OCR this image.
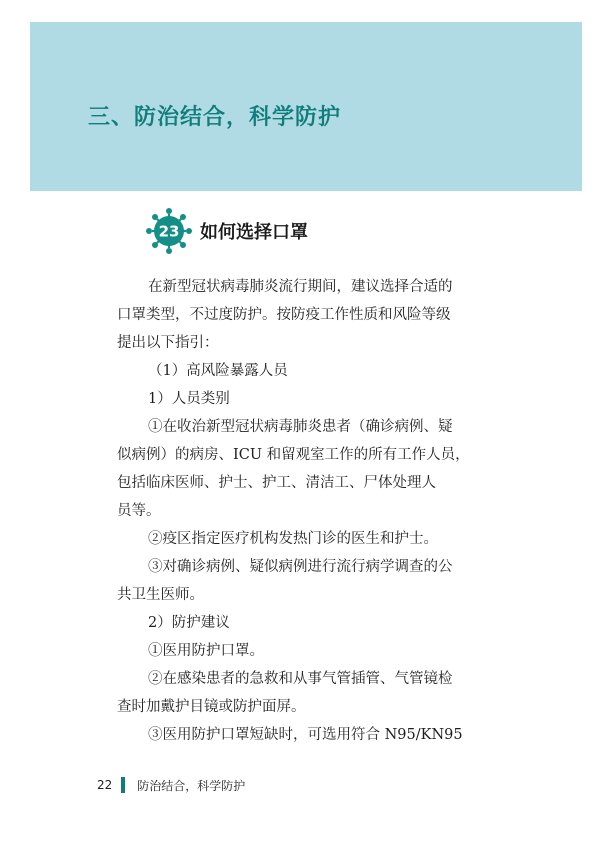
三、防治结合，科学防护
23 如何选择口罩

在新型冠状病毒肺炎流行期间，建议选择合适的

口罩类型，不过度防护。按防疫工作性质和风险等级

提出以下指引：

（1）高风险暴露人员

1）人员类别

①在收治新型冠状病毒肺炎患者（确诊病例、疑

似病例）的病房、ICU 和留观室工作的所有工作人员，

包括临床医师、护士、护工、清洁工、尸体处理人

员等。

②疫区指定医疗机构发热门诊的医生和护士。

③对确诊病例、疑似病例进行流行病学调查的公

共卫生医师。

2）防护建议

①医用防护口罩。

②在感染患者的急救和从事气管插管、气管镜检

查时加戴护目镜或防护面屏。

③医用防护口罩短缺时，可选用符合 N95/KN95

22 防治结合，科学防护
